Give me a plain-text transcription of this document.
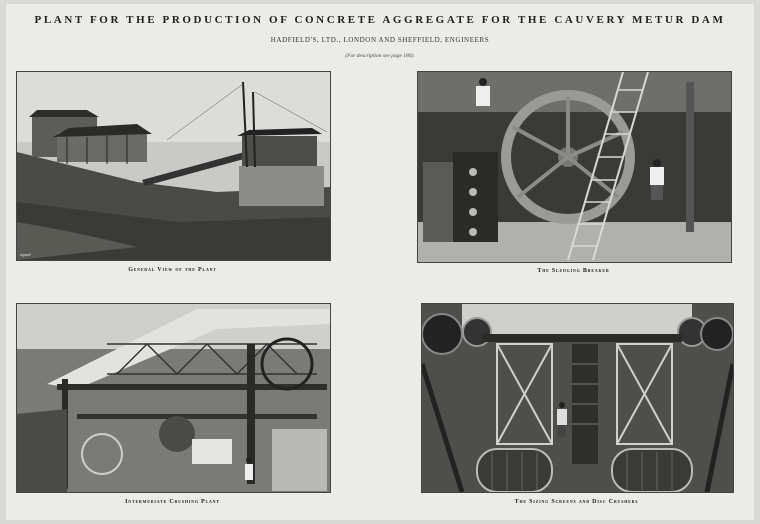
PLANT FOR THE PRODUCTION OF CONCRETE AGGREGATE FOR THE CAUVERY METUR DAM
HADFIELD'S, LTD., LONDON AND SHEFFIELD, ENGINEERS
(For description see page 186).
signed
General View of the Plant	The Sledging Breaker
Intermediate Crushing Plant	The Sizing Screens and Disc Crushers
